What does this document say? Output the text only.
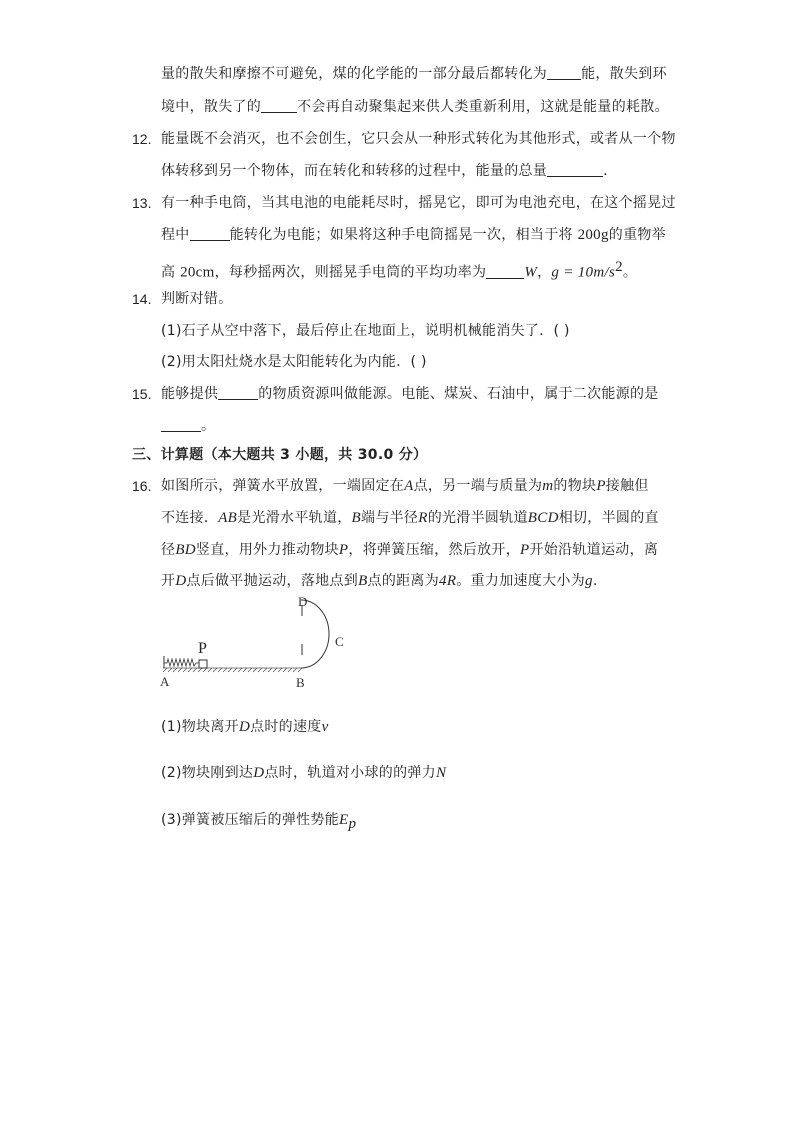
量的散失和摩擦不可避免，煤的化学能的一部分最后都转化为 能，散失到环
境中，散失了的	不会再自动聚集起来供人类重新利用，这就是能量的耗散。
12. 能量既不会消灭，也不会创生，它只会从一种形式转化为其他形式，或者从一个物
体转移到另一个物体，而在转化和转移的过程中，能量的总量	.
13. 有一种手电筒，当其电池的电能耗尽时，摇晃它，即可为电池充电，在这个摇晃过
程中	能转化为电能；如果将这种手电筒摇晃一次，相当于将 200g的重物举
高 20cm，每秒摇两次，则摇晃手电筒的平均功率为	W，$g = 10m/s^2$。
14. 判断对错。
(1)石子从空中落下，最后停止在地面上，说明机械能消失了．( )
(2)用太阳灶烧水是太阳能转化为内能．( )
15. 能够提供	的物质资源叫做能源。电能、煤炭、石油中，属于二次能源的是
。
三、计算题（本大题共 3 小题，共 30.0 分）
16. 如图所示，弹簧水平放置，一端固定在A点，另一端与质量为m的物块P接触但
不连接．AB是光滑水平轨道，B端与半径R的光滑半圆轨道BCD相切，半圆的直
径BD竖直，用外力推动物块P，将弹簧压缩，然后放开，P开始沿轨道运动，离
开D点后做平抛运动，落地点到B点的距离为4R。重力加速度大小为g.
D
C
P
A	B
(1)物块离开D点时的速度v
(2)物块刚到达D点时，轨道对小球的的弹力N
(3)弹簧被压缩后的弹性势能$E_p$
